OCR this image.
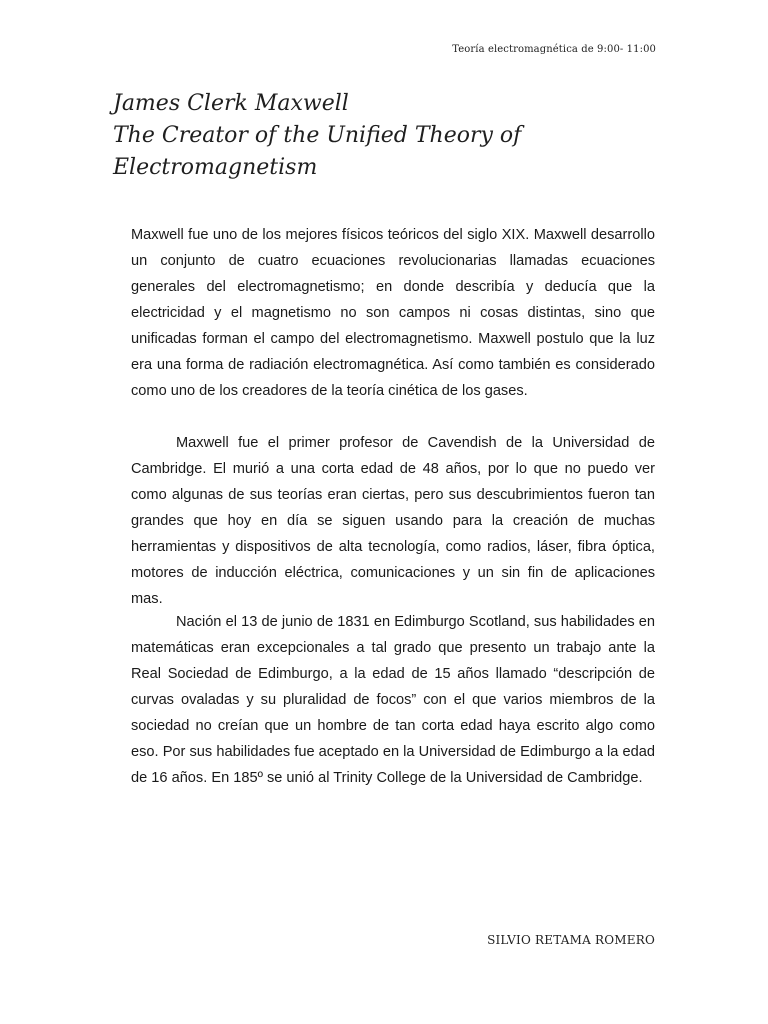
Teoría electromagnética de 9:00- 11:00
James Clerk Maxwell
The Creator of the Unified Theory of
Electromagnetism

Maxwell fue uno de los mejores físicos teóricos del siglo XIX. Maxwell desarrollo un conjunto de cuatro ecuaciones revolucionarias llamadas ecuaciones generales del electromagnetismo; en donde describía y deducía que la electricidad y el magnetismo no son campos ni cosas distintas, sino que unificadas forman el campo del electromagnetismo. Maxwell postulo que la luz era una forma de radiación electromagnética. Así como también es considerado como uno de los creadores de la teoría cinética de los gases.

Maxwell fue el primer profesor de Cavendish de la Universidad de Cambridge. El murió a una corta edad de 48 años, por lo que no puedo ver como algunas de sus teorías eran ciertas, pero sus descubrimientos fueron tan grandes que hoy en día se siguen usando para la creación de muchas herramientas y dispositivos de alta tecnología, como radios, láser, fibra óptica, motores de inducción eléctrica, comunicaciones y un sin fin de aplicaciones mas.

Nación el 13 de junio de 1831 en Edimburgo Scotland, sus habilidades en matemáticas eran excepcionales a tal grado que presento un trabajo ante la Real Sociedad de Edimburgo, a la edad de 15 años llamado “descripción de curvas ovaladas y su pluralidad de focos” con el que varios miembros de la sociedad no creían que un hombre de tan corta edad haya escrito algo como eso. Por sus habilidades fue aceptado en la Universidad de Edimburgo a la edad de 16 años. En 185º se unió al Trinity College de la Universidad de Cambridge.

SILVIO RETAMA ROMERO
